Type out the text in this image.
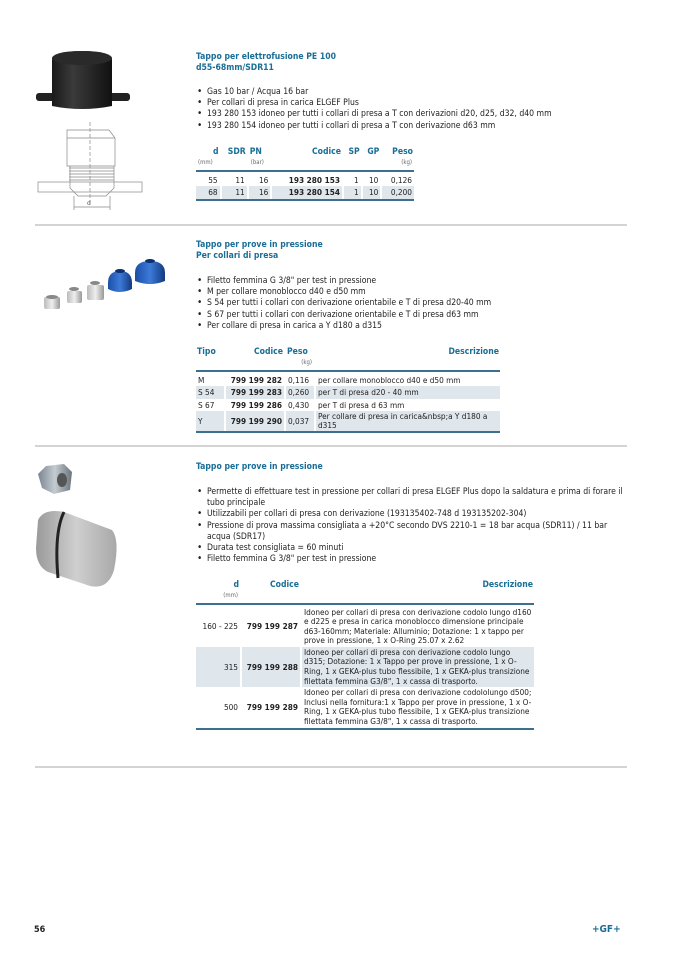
d
Tappo per elettrofusione PE 100
d55-68mm/SDR11
• Gas 10 bar / Acqua 16 bar
• Per collari di presa in carica ELGEF Plus
• 193 280 153 idoneo per tutti i collari di presa a T con derivazioni d20, d25, d32, d40 mm
• 193 280 154 idoneo per tutti i collari di presa a T con derivazione d63 mm
d	SDR	PN	Codice	SP	GP	Peso
(mm)		(bar)				(kg)

55	11	16	193 280 153	1	10	0,126
68	11	16	193 280 154	1	10	0,200

Tappo per prove in pressione
Per collari di presa
• Filetto femmina G 3/8" per test in pressione
• M per collare monoblocco d40 e d50 mm
• S 54 per tutti i collari con derivazione orientabile e T di presa d20-40 mm
• S 67 per tutti i collari con derivazione orientabile e T di presa d63 mm
• Per collare di presa in carica a Y d180 a d315
Tipo	Codice	Peso	Descrizione
		(kg)	

M	799 199 282	0,116	per collare monoblocco d40 e d50 mm
S 54	799 199 283	0,260	per T di presa d20 - 40 mm
S 67	799 199 286	0,430	per T di presa d 63 mm
Y	799 199 290	0,037	Per collare di presa in carica&nbsp;a Y d180 a d315

Tappo per prove in pressione
• Permette di effettuare test in pressione per collari di presa ELGEF Plus dopo la saldatura e prima di forare il tubo principale
• Utilizzabili per collari di presa con derivazione (193135402-748 d 193135202-304)
• Pressione di prova massima consigliata a +20°C secondo DVS 2210-1 = 18 bar acqua (SDR11) / 11 bar acqua (SDR17)
• Durata test consigliata = 60 minuti
• Filetto femmina G 3/8" per test in pressione
d	Codice	Descrizione
(mm)		

160 - 225	799 199 287	Idoneo per collari di presa con derivazione codolo lungo d160 e d225 e presa in carica monoblocco dimensione principale d63-160mm; Materiale: Alluminio; Dotazione: 1 x tappo per prove in pressione, 1 x O-Ring 25.07 x 2.62
315	799 199 288	Idoneo per collari di presa con derivazione codolo lungo d315; Dotazione: 1 x Tappo per prove in pressione, 1 x O-Ring, 1 x GEKA-plus tubo flessibile, 1 x GEKA-plus transizione filettata femmina G3/8", 1 x cassa di trasporto.
500	799 199 289	Idoneo per collari di presa con derivazione codololungo d500; Inclusi nella fornitura:1 x Tappo per prove in pressione, 1 x O-Ring, 1 x GEKA-plus tubo flessibile, 1 x GEKA-plus transizione filettata femmina G3/8", 1 x cassa di trasporto.

56	+GF+
